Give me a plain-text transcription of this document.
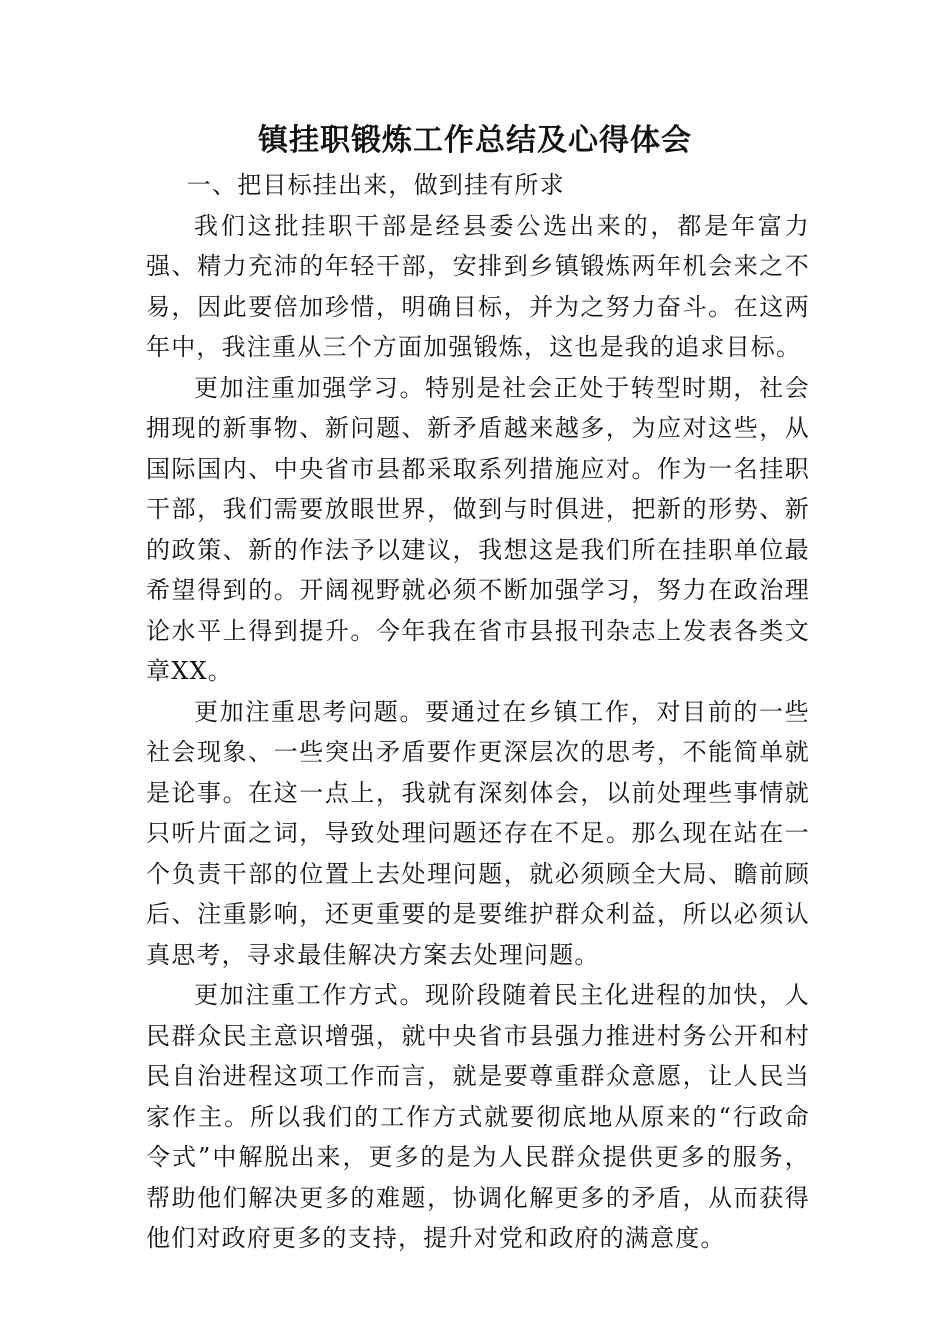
镇挂职锻炼工作总结及心得体会

一、把目标挂出来，做到挂有所求

我们这批挂职干部是经县委公选出来的，都是年富力强、精力充沛的年轻干部，安排到乡镇锻炼两年机会来之不易，因此要倍加珍惜，明确目标，并为之努力奋斗。在这两年中，我注重从三个方面加强锻炼，这也是我的追求目标。

更加注重加强学习。特别是社会正处于转型时期，社会拥现的新事物、新问题、新矛盾越来越多，为应对这些，从国际国内、中央省市县都采取系列措施应对。作为一名挂职干部，我们需要放眼世界，做到与时俱进，把新的形势、新的政策、新的作法予以建议，我想这是我们所在挂职单位最希望得到的。开阔视野就必须不断加强学习，努力在政治理论水平上得到提升。今年我在省市县报刊杂志上发表各类文章XX。

更加注重思考问题。要通过在乡镇工作，对目前的一些社会现象、一些突出矛盾要作更深层次的思考，不能简单就是论事。在这一点上，我就有深刻体会，以前处理些事情就只听片面之词，导致处理问题还存在不足。那么现在站在一个负责干部的位置上去处理问题，就必须顾全大局、瞻前顾后、注重影响，还更重要的是要维护群众利益，所以必须认真思考，寻求最佳解决方案去处理问题。

更加注重工作方式。现阶段随着民主化进程的加快，人民群众民主意识增强，就中央省市县强力推进村务公开和村民自治进程这项工作而言，就是要尊重群众意愿，让人民当家作主。所以我们的工作方式就要彻底地从原来的“行政命令式”中解脱出来，更多的是为人民群众提供更多的服务，帮助他们解决更多的难题，协调化解更多的矛盾，从而获得他们对政府更多的支持，提升对党和政府的满意度。
